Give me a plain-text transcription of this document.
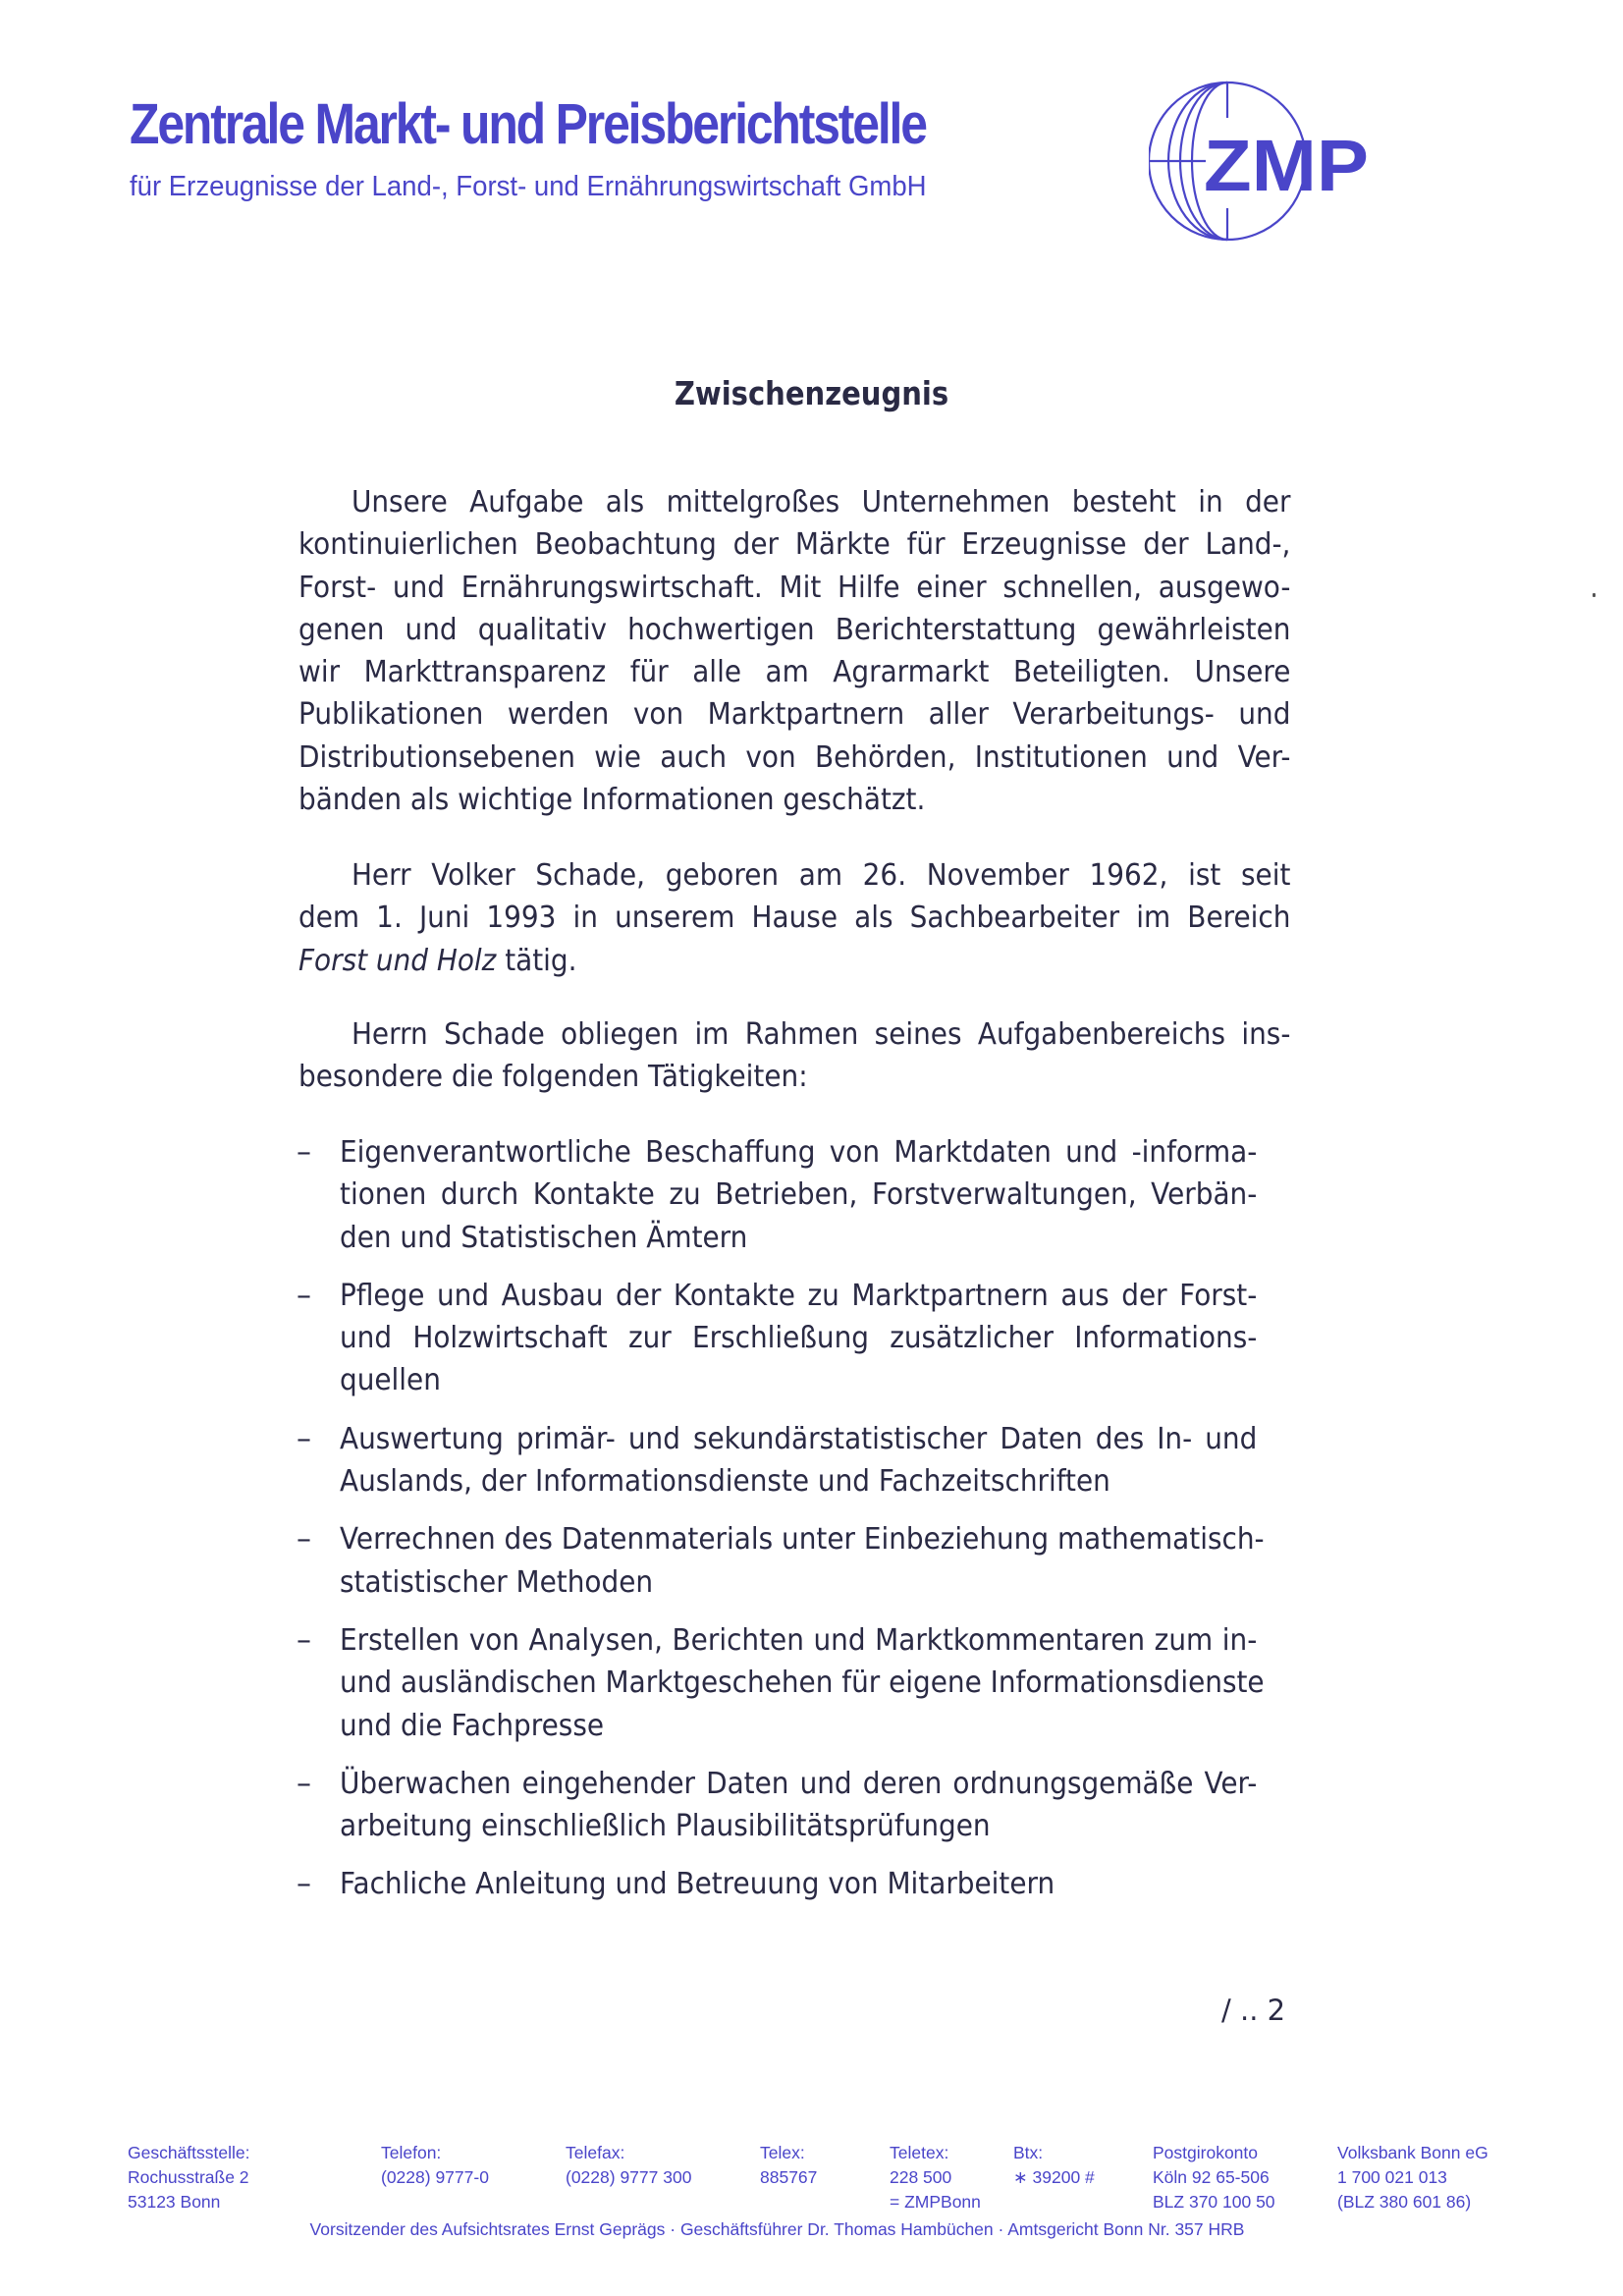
Zentrale Markt- und Preisberichtstelle
für Erzeugnisse der Land-, Forst- und Ernährungswirtschaft GmbH	ZMP
Zwischenzeugnis
Unsere Aufgabe als mittelgroßes Unternehmen besteht in der
kontinuierlichen Beobachtung der Märkte für Erzeugnisse der Land-,
Forst- und Ernährungswirtschaft. Mit Hilfe einer schnellen, ausgewo-
genen und qualitativ hochwertigen Berichterstattung gewährleisten
wir Markttransparenz für alle am Agrarmarkt Beteiligten. Unsere
Publikationen werden von Marktpartnern aller Verarbeitungs- und
Distributionsebenen wie auch von Behörden, Institutionen und Ver-
bänden als wichtige Informationen geschätzt.
Herr Volker Schade, geboren am 26. November 1962, ist seit
dem 1. Juni 1993 in unserem Hause als Sachbearbeiter im Bereich
Forst und Holz tätig.
Herrn Schade obliegen im Rahmen seines Aufgabenbereichs ins-
besondere die folgenden Tätigkeiten:
– Eigenverantwortliche Beschaffung von Marktdaten und -informa-
tionen durch Kontakte zu Betrieben, Forstverwaltungen, Verbän-
den und Statistischen Ämtern
– Pflege und Ausbau der Kontakte zu Marktpartnern aus der Forst-
und Holzwirtschaft zur Erschließung zusätzlicher Informations-
quellen
– Auswertung primär- und sekundärstatistischer Daten des In- und
Auslands, der Informationsdienste und Fachzeitschriften
– Verrechnen des Datenmaterials unter Einbeziehung mathematisch-
statistischer Methoden
– Erstellen von Analysen, Berichten und Marktkommentaren zum in-
und ausländischen Marktgeschehen für eigene Informationsdienste
und die Fachpresse
– Überwachen eingehender Daten und deren ordnungsgemäße Ver-
arbeitung einschließlich Plausibilitätsprüfungen
– Fachliche Anleitung und Betreuung von Mitarbeitern
/ .. 2
Geschäftsstelle:
Rochusstraße 2
53123 Bonn
Telefon:
(0228) 9777-0
Telefax:
(0228) 9777 300
Telex:
885767
Teletex:
228 500
= ZMPBonn
Btx:
∗ 39200 #
Postgirokonto
Köln 92 65-506
BLZ 370 100 50
Volksbank Bonn eG
1 700 021 013
(BLZ 380 601 86)
Vorsitzender des Aufsichtsrates Ernst Geprägs · Geschäftsführer Dr. Thomas Hambüchen · Amtsgericht Bonn Nr. 357 HRB
